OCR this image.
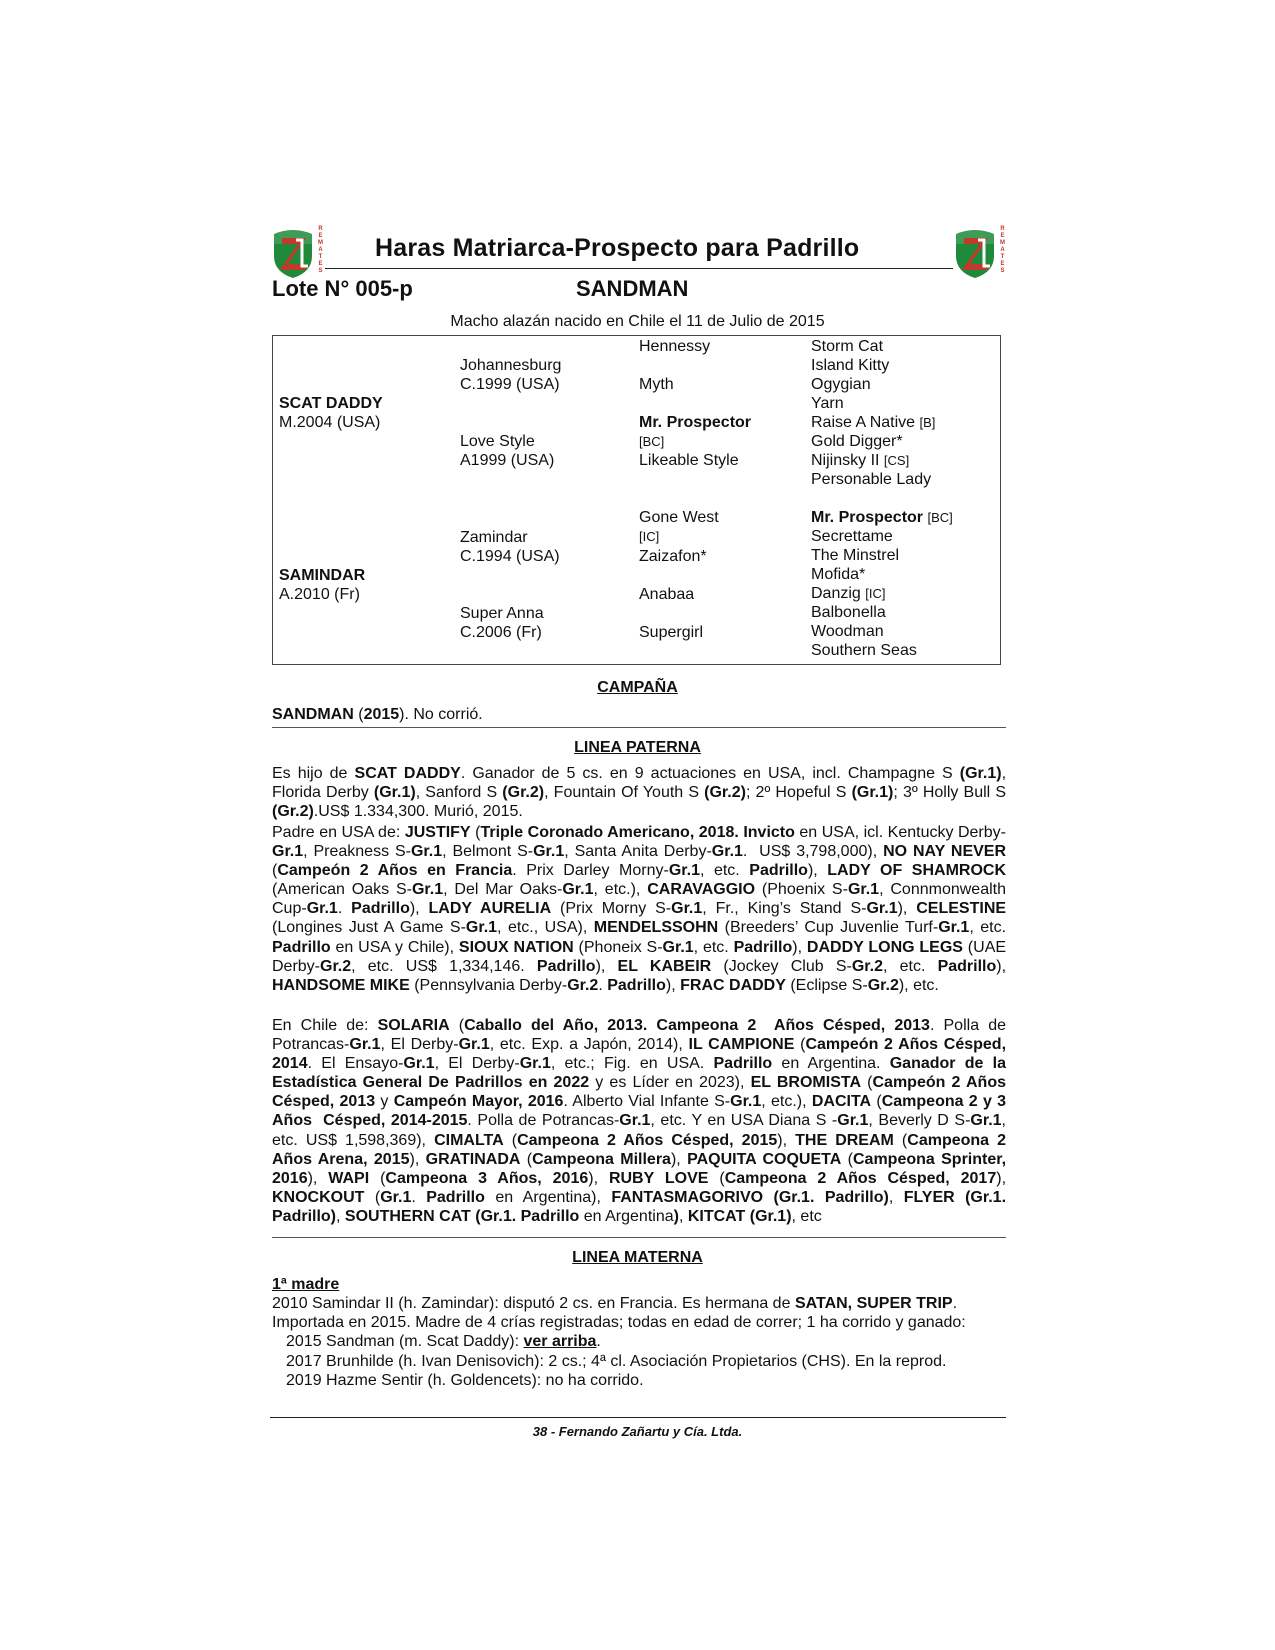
R
E
M
A
T
E
S
R
E
M
A
T
E
S
Haras Matriarca-Prospecto para Padrillo
Lote N° 005-p	SANDMAN
Macho alazán nacido en Chile el 11 de Julio de 2015
SCAT DADDY
M.2004 (USA)
SAMINDAR
A.2010 (Fr)
Johannesburg
C.1999 (USA)
Love Style
A1999 (USA)
Zamindar
C.1994 (USA)
Super Anna
C.2006 (Fr)
Hennessy
Myth
Mr. Prospector
[BC]
Likeable Style
Gone West
[IC]
Zaizafon*
Anabaa
Supergirl
Storm Cat
Island Kitty
Ogygian
Yarn
Raise A Native [B]
Gold Digger*
Nijinsky II [CS]
Personable Lady
Mr. Prospector [BC]
Secrettame
The Minstrel
Mofida*
Danzig [IC]
Balbonella
Woodman
Southern Seas
CAMPAÑA
SANDMAN (2015). No corrió.
LINEA PATERNA
Es hijo de SCAT DADDY. Ganador de 5 cs. en 9 actuaciones en USA, incl. Champagne S (Gr.1), Florida Derby (Gr.1), Sanford S (Gr.2), Fountain Of Youth S (Gr.2); 2º Hopeful S (Gr.1); 3º Holly Bull S (Gr.2).US$ 1.334,300. Murió, 2015.
Padre en USA de: JUSTIFY (Triple Coronado Americano, 2018. Invicto en USA, icl. Kentucky Derby-Gr.1, Preakness S-Gr.1, Belmont S-Gr.1, Santa Anita Derby-Gr.1.  US$ 3,798,000), NO NAY NEVER (Campeón 2 Años en Francia. Prix Darley Morny-Gr.1, etc. Padrillo), LADY OF SHAMROCK (American Oaks S-Gr.1, Del Mar Oaks-Gr.1, etc.), CARAVAGGIO (Phoenix S-Gr.1, Connmonwealth Cup-Gr.1. Padrillo), LADY AURELIA (Prix Morny S-Gr.1, Fr., King’s Stand S-Gr.1), CELESTINE (Longines Just A Game S-Gr.1, etc., USA), MENDELSSOHN (Breeders’ Cup Juvenlie Turf-Gr.1, etc. Padrillo en USA y Chile), SIOUX NATION (Phoneix S-Gr.1, etc. Padrillo), DADDY LONG LEGS (UAE Derby-Gr.2, etc. US$ 1,334,146. Padrillo), EL KABEIR (Jockey Club S-Gr.2, etc. Padrillo), HANDSOME MIKE (Pennsylvania Derby-Gr.2. Padrillo), FRAC DADDY (Eclipse S-Gr.2), etc.
En Chile de: SOLARIA (Caballo del Año, 2013. Campeona 2  Años Césped, 2013. Polla de Potrancas-Gr.1, El Derby-Gr.1, etc. Exp. a Japón, 2014), IL CAMPIONE (Campeón 2 Años Césped, 2014. El Ensayo-Gr.1, El Derby-Gr.1, etc.; Fig. en USA. Padrillo en Argentina. Ganador de la Estadística General De Padrillos en 2022 y es Líder en 2023), EL BROMISTA (Campeón 2 Años Césped, 2013 y Campeón Mayor, 2016. Alberto Vial Infante S-Gr.1, etc.), DACITA (Campeona 2 y 3 Años  Césped, 2014-2015. Polla de Potrancas-Gr.1, etc. Y en USA Diana S -Gr.1, Beverly D S-Gr.1, etc. US$ 1,598,369), CIMALTA (Campeona 2 Años Césped, 2015), THE DREAM (Campeona 2 Años Arena, 2015), GRATINADA (Campeona Millera), PAQUITA COQUETA (Campeona Sprinter, 2016), WAPI (Campeona 3 Años, 2016), RUBY LOVE (Campeona 2 Años Césped, 2017), KNOCKOUT (Gr.1. Padrillo en Argentina), FANTASMAGORIVO (Gr.1. Padrillo), FLYER (Gr.1. Padrillo), SOUTHERN CAT (Gr.1. Padrillo en Argentina), KITCAT (Gr.1), etc
LINEA MATERNA
1ª madre
2010 Samindar II (h. Zamindar): disputó 2 cs. en Francia. Es hermana de SATAN, SUPER TRIP.
Importada en 2015. Madre de 4 crías registradas; todas en edad de correr; 1 ha corrido y ganado:
2015 Sandman (m. Scat Daddy): ver arriba.
2017 Brunhilde (h. Ivan Denisovich): 2 cs.; 4ª cl. Asociación Propietarios (CHS). En la reprod.
2019 Hazme Sentir (h. Goldencets): no ha corrido.
38 - Fernando Zañartu y Cía. Ltda.
